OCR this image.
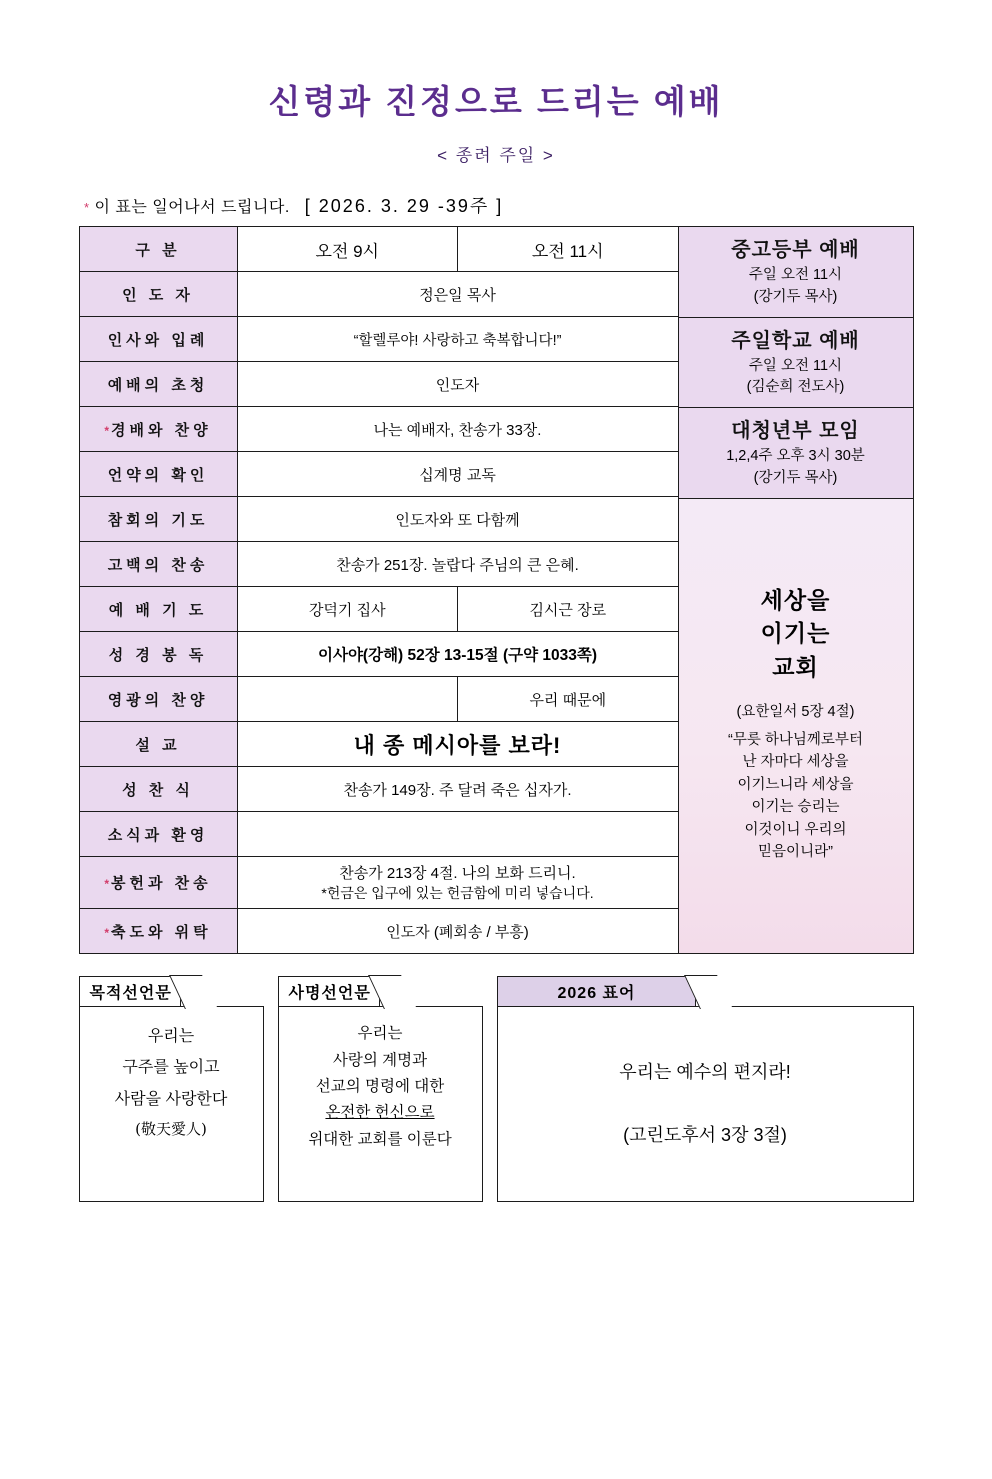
신령과 진정으로 드리는 예배
< 종려 주일 >
* 이 표는 일어나서 드립니다. [ 2026. 3. 29 -39주 ]
구 분	오전 9시	오전 11시
인 도 자	정은일 목사	
인사와 입례	“할렐루야! 사랑하고 축복합니다!”	
예배의 초청	인도자	
* 경배와 찬양	나는 예배자, 찬송가 33장.	
언약의 확인	십계명 교독	
참회의 기도	인도자와 또 다함께	
고백의 찬송	찬송가 251장. 놀랍다 주님의 큰 은혜.	
예 배 기 도	강덕기 집사	김시근 장로
성 경 봉 독	이사야(강해) 52장 13-15절 (구약 1033쪽)	
영광의 찬양		우리 때문에
설 교	내 종 메시아를 보라!	
성 찬 식	찬송가 149장. 주 달려 죽은 십자가.	
소식과 환영		
* 봉헌과 찬송	찬송가 213장 4절. 나의 보화 드리니.
*헌금은 입구에 있는 헌금함에 미리 넣습니다.	

* 축도와 위탁	인도자 (폐회송 / 부흥)	
중고등부 예배
주일 오전 11시
(강기두 목사)
주일학교 예배
주일 오전 11시
(김순희 전도사)
대청년부 모임
1,2,4주 오후 3시 30분
(강기두 목사)
세상을
이기는
교회
(요한일서 5장 4절)
“무릇 하나님께로부터
난 자마다 세상을
이기느니라 세상을
이기는 승리는
이것이니 우리의
믿음이니라”
목적선언문
우리는
구주를 높이고
사람을 사랑한다
(敬天愛人)
사명선언문
우리는
사랑의 계명과
선교의 명령에 대한
온전한 헌신으로
위대한 교회를 이룬다
2026 표어
우리는 예수의 편지라!
(고린도후서 3장 3절)
